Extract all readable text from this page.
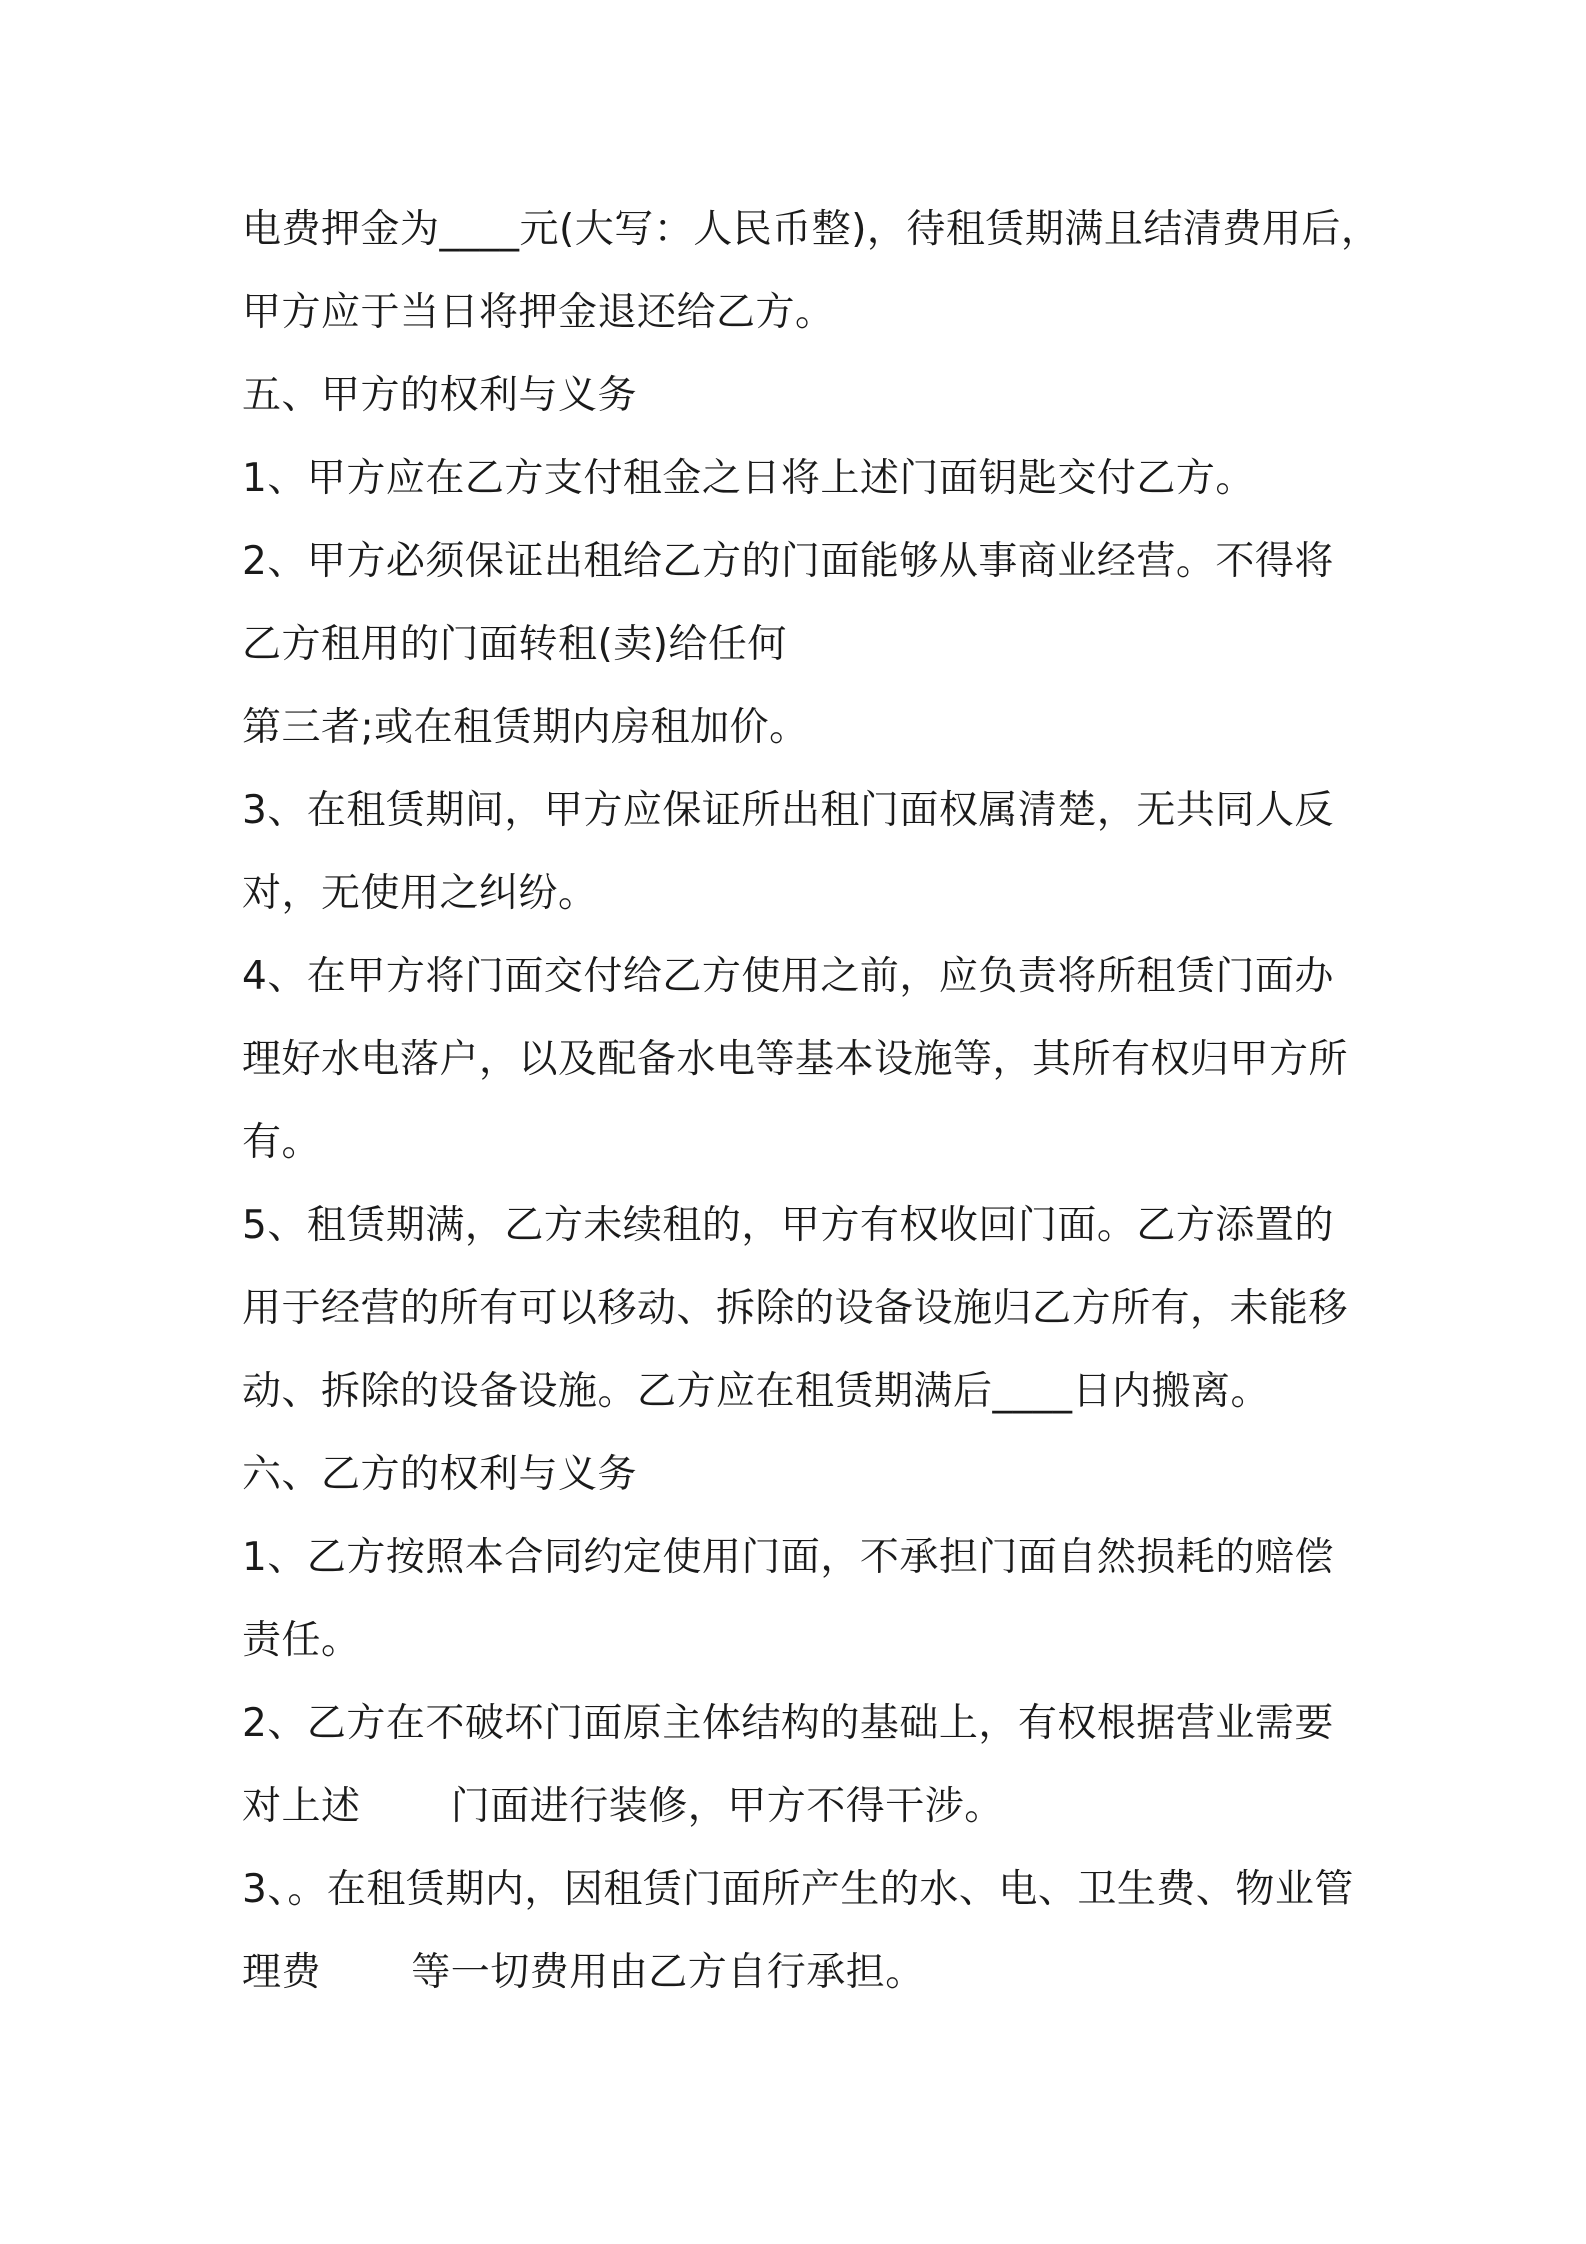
电费押金为____元(大写：人民币整)，待租赁期满且结清费用后，
甲方应于当日将押金退还给乙方。
五、甲方的权利与义务
1、甲方应在乙方支付租金之日将上述门面钥匙交付乙方。
2、甲方必须保证出租给乙方的门面能够从事商业经营。不得将
乙方租用的门面转租(卖)给任何
第三者;或在租赁期内房租加价。
3、在租赁期间，甲方应保证所出租门面权属清楚，无共同人反
对，无使用之纠纷。
4、在甲方将门面交付给乙方使用之前，应负责将所租赁门面办
理好水电落户，以及配备水电等基本设施等，其所有权归甲方所
有。
5、租赁期满，乙方未续租的，甲方有权收回门面。乙方添置的
用于经营的所有可以移动、拆除的设备设施归乙方所有，未能移
动、拆除的设备设施。乙方应在租赁期满后____日内搬离。
六、乙方的权利与义务
1、乙方按照本合同约定使用门面，不承担门面自然损耗的赔偿
责任。
2、乙方在不破坏门面原主体结构的基础上，有权根据营业需要
对上述       门面进行装修，甲方不得干涉。
3、。在租赁期内，因租赁门面所产生的水、电、卫生费、物业管
理费       等一切费用由乙方自行承担。
